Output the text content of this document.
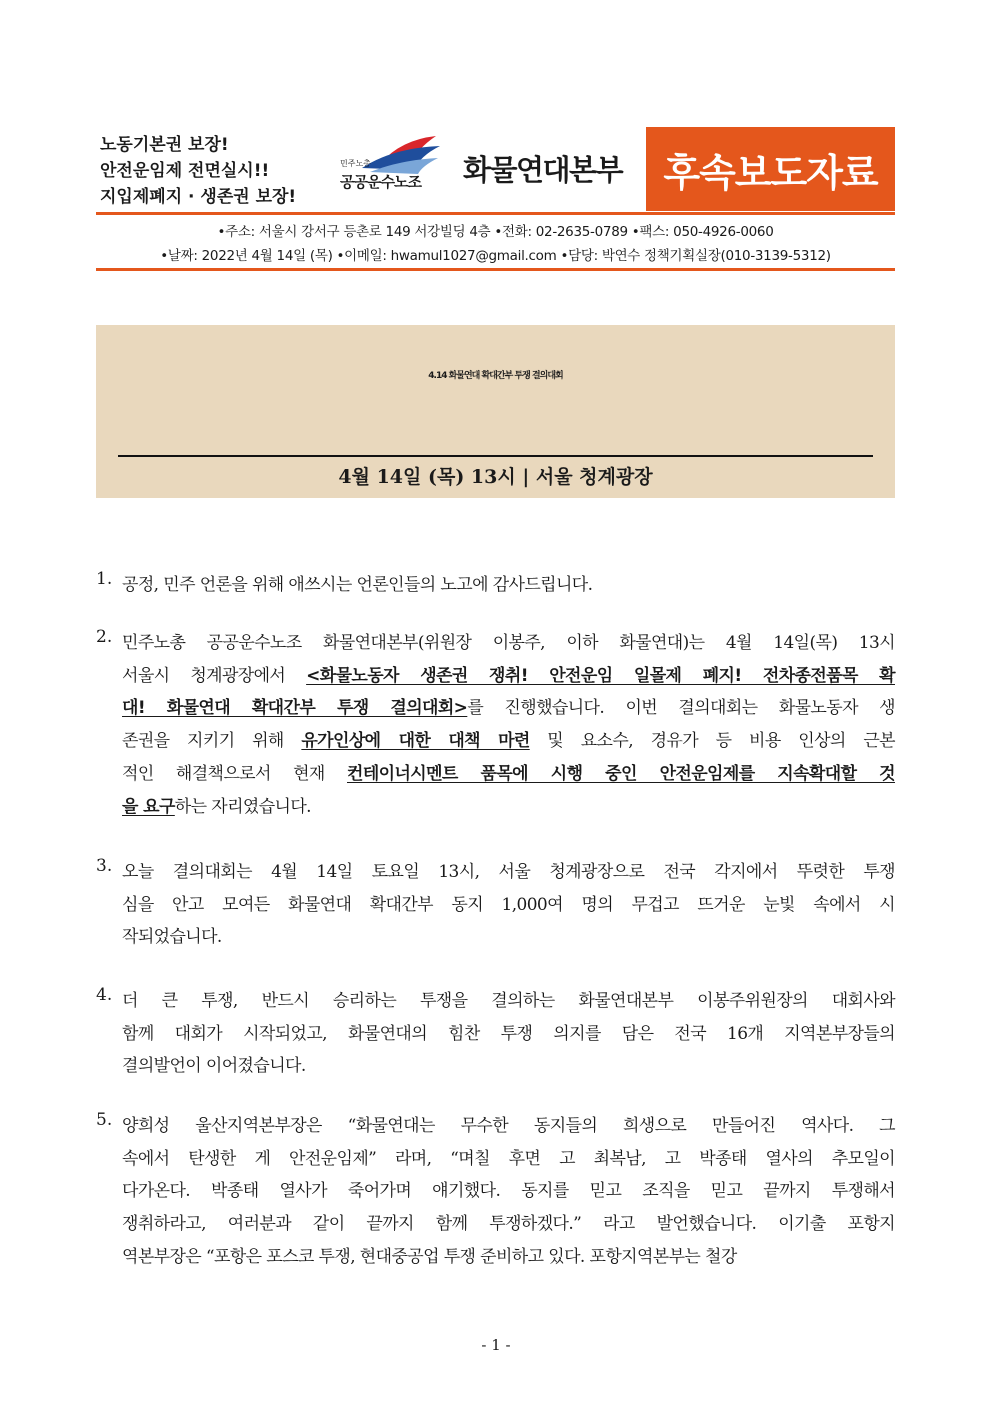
노동기본권 보장!
안전운임제 전면실시!!
지입제폐지 · 생존권 보장!
민주노총
공공운수노조 화물연대본부	후속보도자료
•주소: 서울시 강서구 등촌로 149 서강빌딩 4층 •전화: 02-2635-0789 •팩스: 050-4926-0060
•날짜: 2022년 4월 14일 (목) •이메일: hwamul1027@gmail.com •담당: 박연수 정책기획실장(010-3139-5312)
4.14 화물연대 확대간부 투쟁 결의대회
4월 14일 (목) 13시 | 서울 청계광장
1. 공정, 민주 언론을 위해 애쓰시는 언론인들의 노고에 감사드립니다.
2. 민주노총 공공운수노조 화물연대본부(위원장 이봉주, 이하 화물연대)는 4월 14일(목) 13시
서울시 청계광장에서 <화물노동자 생존권 쟁취! 안전운임 일몰제 폐지! 전차종전품목 확
대! 화물연대 확대간부 투쟁 결의대회>를 진행했습니다. 이번 결의대회는 화물노동자 생
존권을 지키기 위해 유가인상에 대한 대책 마련 및 요소수, 경유가 등 비용 인상의 근본
적인 해결책으로서 현재 컨테이너시멘트 품목에 시행 중인 안전운임제를 지속확대할 것
을 요구하는 자리였습니다.
3. 오늘 결의대회는 4월 14일 토요일 13시, 서울 청계광장으로 전국 각지에서 뚜렷한 투쟁
심을 안고 모여든 화물연대 확대간부 동지 1,000여 명의 무겁고 뜨거운 눈빛 속에서 시
작되었습니다.
4. 더 큰 투쟁, 반드시 승리하는 투쟁을 결의하는 화물연대본부 이봉주위원장의 대회사와
함께 대회가 시작되었고, 화물연대의 힘찬 투쟁 의지를 담은 전국 16개 지역본부장들의
결의발언이 이어졌습니다.
5. 양희성 울산지역본부장은 “화물연대는 무수한 동지들의 희생으로 만들어진 역사다. 그
속에서 탄생한 게 안전운임제” 라며, “며칠 후면 고 최복남, 고 박종태 열사의 추모일이
다가온다. 박종태 열사가 죽어가며 얘기했다. 동지를 믿고 조직을 믿고 끝까지 투쟁해서
쟁취하라고, 여러분과 같이 끝까지 함께 투쟁하겠다.” 라고 발언했습니다. 이기출 포항지
역본부장은 “포항은 포스코 투쟁, 현대중공업 투쟁 준비하고 있다. 포항지역본부는 철강
- 1 -
